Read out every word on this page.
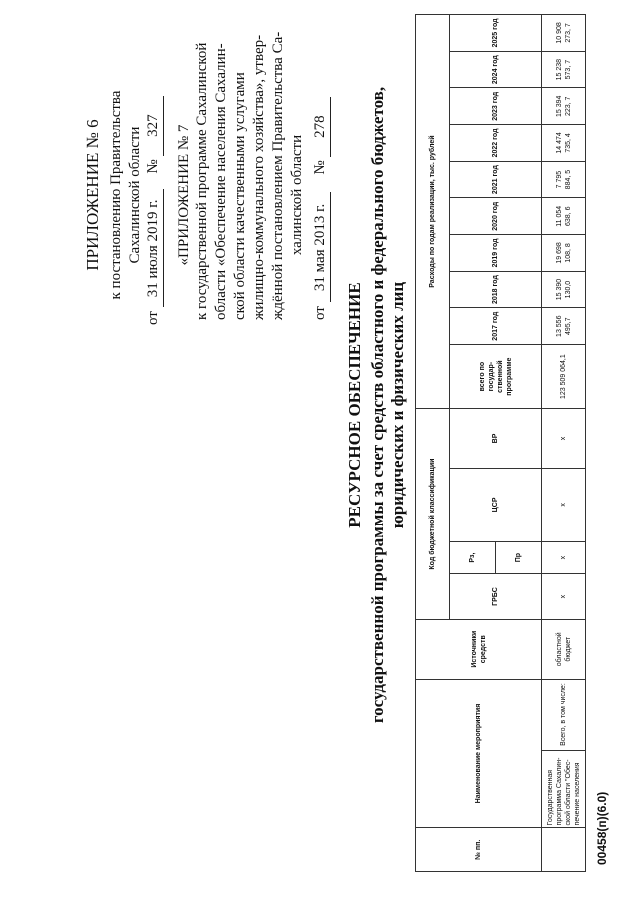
ПРИЛОЖЕНИЕ № 6 к постановлению Правительства Сахалинской области
от 31 июля 2019 г. № 327 «ПРИЛОЖЕНИЕ № 7 к государственной программе Сахалинской области «Обеспечение населения Сахалин- ской области качественными услугами жилищно-коммунального хозяйства», утвер- ждённой постановлением Правительства Са- халинской области
от 31 мая 2013 г. № 278
РЕСУРСНОЕ ОБЕСПЕЧЕНИЕ государственной программы за счет средств областного и федерального бюджетов, юридических и физических лиц
№ пп.	Наименование мероприятия		Источники средств	Код бюджетной классификации				Расходы по годам реализации, тыс. рублей									
				ГРБС	Рз,	ЦСР	ВР	всего по государ- ственной программе	2017 год	2018 год	2019 год	2020 год	2021 год	2022 год	2023 год	2024 год	2025 год
					Пр												
	Государственная программа Сахалин- ской области "Обес- печение населения	Всего, в том числе:	областной бюджет	х	х	х	х	123 509 064,1	13 556 495,7	15 390 130,0	19 698 108, 8	11 054 638, 6	7 795 884, 5	14 474 735, 4	15 394 223, 7	15 238 573, 7	10 908 273, 7
00458(п)(6.0)
